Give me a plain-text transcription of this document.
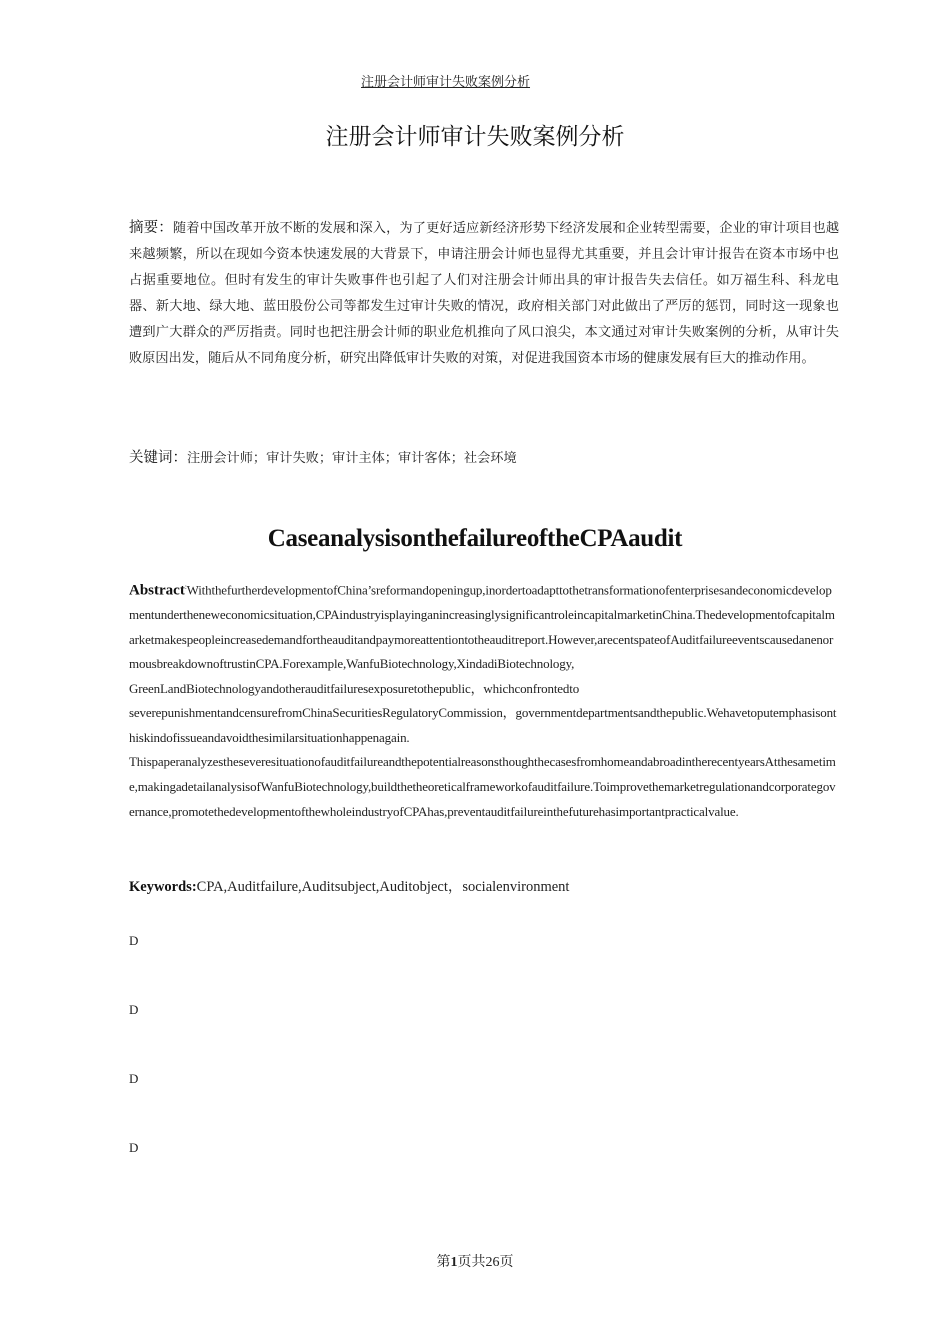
注册会计师审计失败案例分析
注册会计师审计失败案例分析
摘要：随着中国改革开放不断的发展和深入，为了更好适应新经济形势下经济发展和企业转型需要，企业的审计项目也越来越频繁，所以在现如今资本快速发展的大背景下，申请注册会计师也显得尤其重要，并且会计审计报告在资本市场中也占据重要地位。但时有发生的审计失败事件也引起了人们对注册会计师出具的审计报告失去信任。如万福生科、科龙电器、新大地、绿大地、蓝田股份公司等都发生过审计失败的情况，政府相关部门对此做出了严厉的惩罚，同时这一现象也遭到广大群众的严厉指责。同时也把注册会计师的职业危机推向了风口浪尖，本文通过对审计失败案例的分析，从审计失败原因出发，随后从不同角度分析，研究出降低审计失败的对策，对促进我国资本市场的健康发展有巨大的推动作用。
关键词：注册会计师；审计失败；审计主体；审计客体；社会环境
CaseanalysisonthefailureoftheCPAaudit
Abstract:WiththefurtherdevelopmentofChina’sreformandopeningup,inordertoadapttothetransformationofenterprisesandeconomicdevelopmentundertheneweconomicsituation,CPAindustryisplayinganincreasinglysignificantroleincapitalmarketinChina.Thedevelopmentofcapitalmarketmakespeopleincreasedemandfortheauditandpaymoreattentiontotheauditreport.However,arecentspateofAuditfailureeventscausedanenormousbreakdownoftrustinCPA.Forexample,WanfuBiotechnology,XindadiBiotechnology,
GreenLandBiotechnologyandotherauditfailuresexposuretothepublic，whichconfrontedto
severepunishmentandcensurefromChinaSecuritiesRegulatoryCommission，governmentdepartmentsandthepublic.Wehavetoputemphasisonthiskindofissueandavoidthesimilarsituationhappenagain.
ThispaperanalyzestheseveresituationofauditfailureandthepotentialreasonsthoughthecasesfromhomeandabroadintherecentyearsAtthesametime,makingadetailanalysisofWanfuBiotechnology,buildthetheoreticalframeworkofauditfailure.Toimprovethemarketregulationandcorporategovernance,promotethedevelopmentofthewholeindustryofCPAhas,preventauditfailureinthefuturehasimportantpracticalvalue.
Keywords:CPA,Auditfailure,Auditsubject,Auditobject，socialenvironment
D
D
D
D
第1页共26页
